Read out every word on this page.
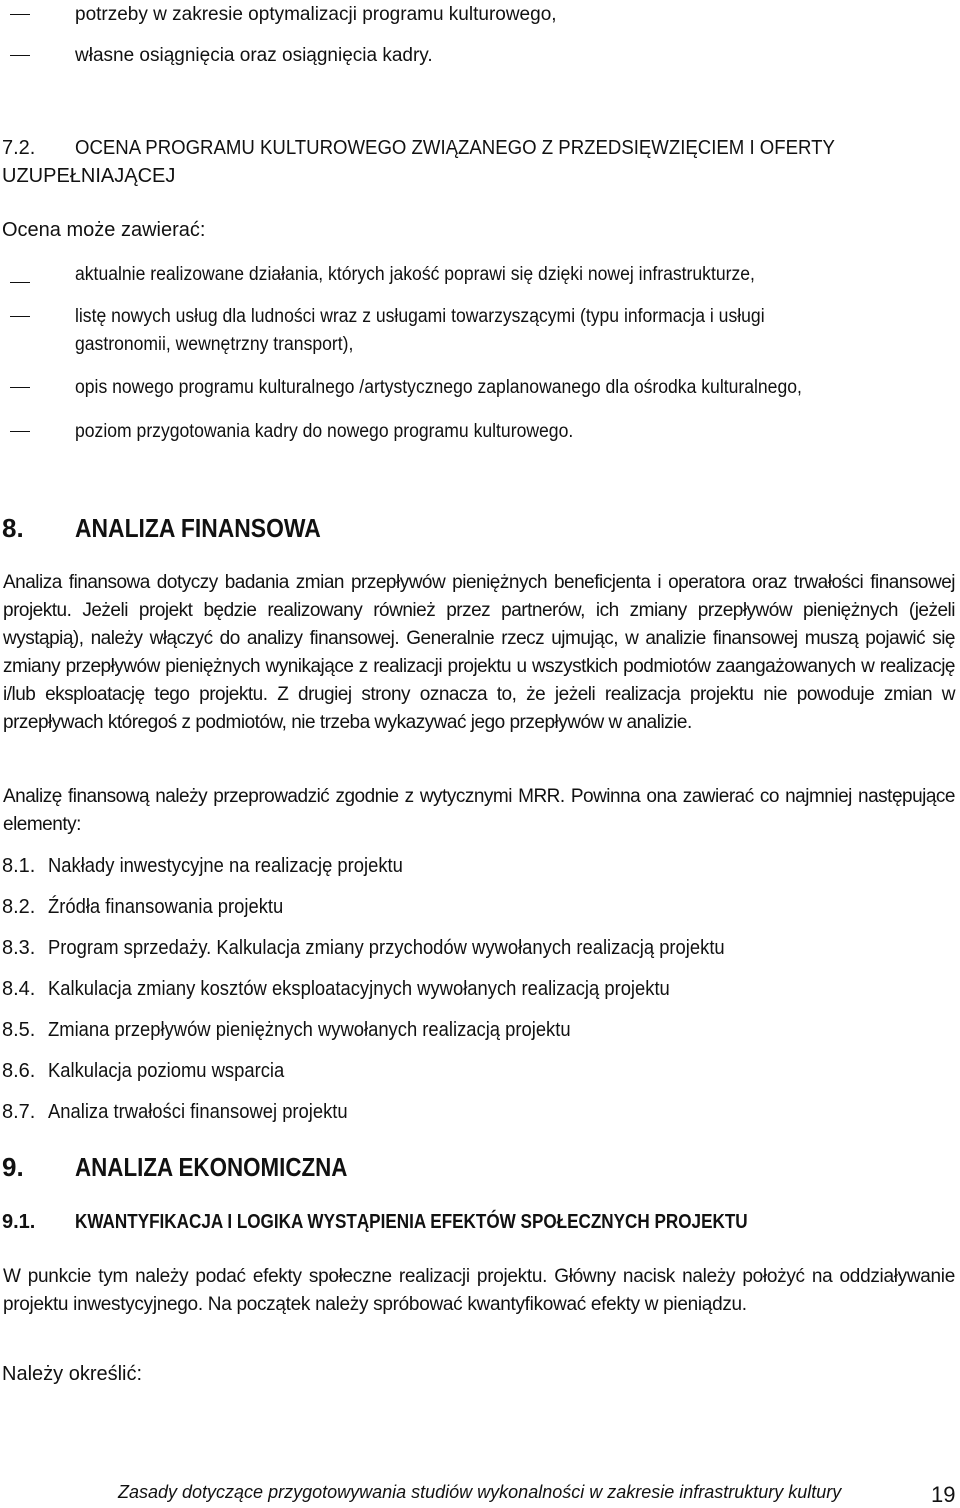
potrzeby w zakresie optymalizacji programu kulturowego,
własne osiągnięcia oraz osiągnięcia kadry.
7.2. OCENA PROGRAMU KULTUROWEGO ZWIĄZANEGO Z PRZEDSIĘWZIĘCIEM I OFERTY
UZUPEŁNIAJĄCEJ
Ocena może zawierać:
aktualnie realizowane działania, których jakość poprawi się dzięki nowej infrastrukturze,
listę nowych usług dla ludności wraz z usługami towarzyszącymi (typu informacja i usługi
gastronomii, wewnętrzny transport),
opis nowego programu kulturalnego /artystycznego zaplanowanego dla ośrodka kulturalnego,
poziom przygotowania kadry do nowego programu kulturowego.
8. ANALIZA FINANSOWA
Analiza finansowa dotyczy badania zmian przepływów pieniężnych beneficjenta i operatora oraz trwałości finansowej projektu. Jeżeli projekt będzie realizowany również przez partnerów, ich zmiany przepływów pieniężnych (jeżeli wystąpią), należy włączyć do analizy finansowej. Generalnie rzecz ujmując, w analizie finansowej muszą pojawić się zmiany przepływów pieniężnych wynikające z realizacji projektu u wszystkich podmiotów zaangażowanych w realizację i/lub eksploatację tego projektu. Z drugiej strony oznacza to, że jeżeli realizacja projektu nie powoduje zmian w przepływach któregoś z podmiotów, nie trzeba wykazywać jego przepływów w analizie.
Analizę finansową należy przeprowadzić zgodnie z wytycznymi MRR. Powinna ona zawierać co najmniej następujące elementy:
8.1. Nakłady inwestycyjne na realizację projektu
8.2. Źródła finansowania projektu
8.3. Program sprzedaży. Kalkulacja zmiany przychodów wywołanych realizacją projektu
8.4. Kalkulacja zmiany kosztów eksploatacyjnych wywołanych realizacją projektu
8.5. Zmiana przepływów pieniężnych wywołanych realizacją projektu
8.6. Kalkulacja poziomu wsparcia
8.7. Analiza trwałości finansowej projektu
9. ANALIZA EKONOMICZNA
9.1. KWANTYFIKACJA I LOGIKA WYSTĄPIENIA EFEKTÓW SPOŁECZNYCH PROJEKTU
W punkcie tym należy podać efekty społeczne realizacji projektu. Główny nacisk należy położyć na oddziaływanie projektu inwestycyjnego. Na początek należy spróbować kwantyfikować efekty w pieniądzu.
Należy określić:
Zasady dotyczące przygotowywania studiów wykonalności w zakresie infrastruktury kultury	19
